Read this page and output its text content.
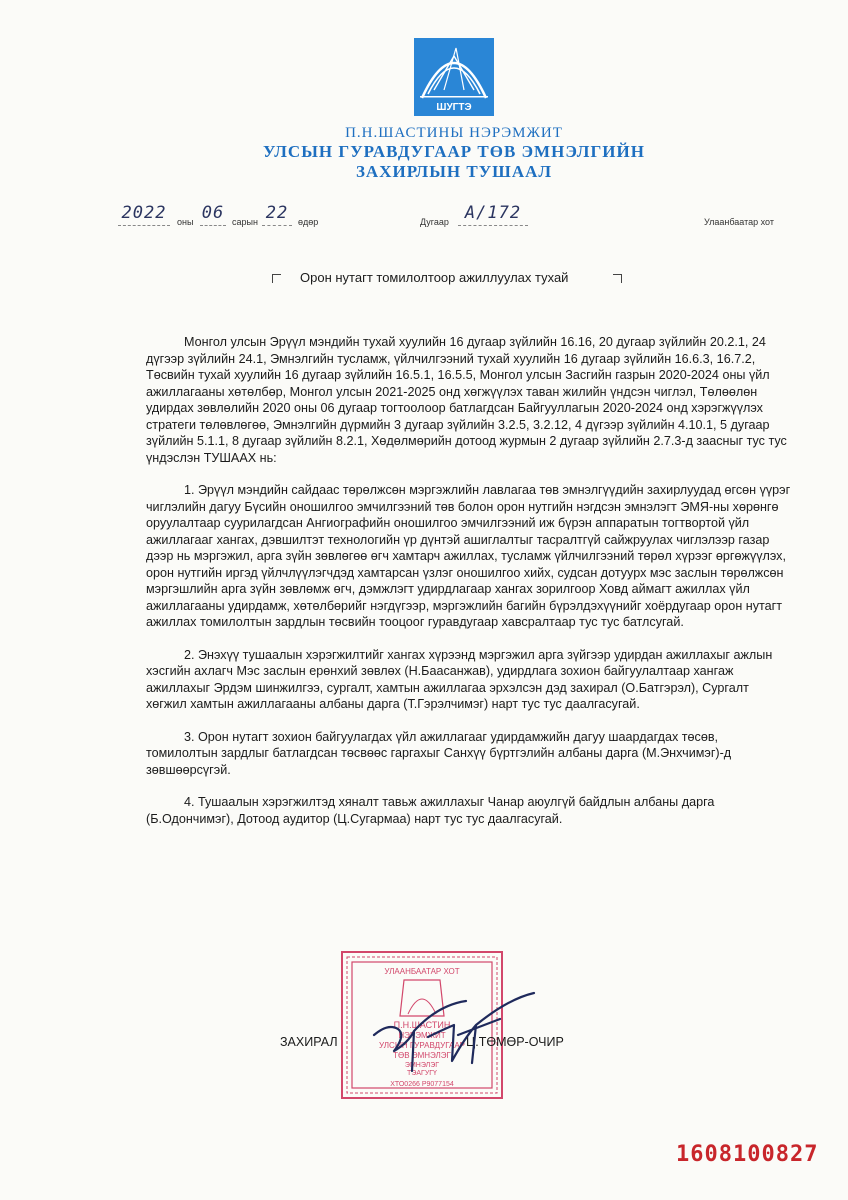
ШУГТЭ
П.Н.ШАСТИНЫ НЭРЭМЖИТ
УЛСЫН ГУРАВДУГААР ТӨВ ЭМНЭЛГИЙН
ЗАХИРЛЫН ТУШААЛ
2022	оны 06 сарын 22	өдөр	Дугаар А/172	Улаанбаатар хот
Орон нутагт томилолтоор ажиллуулах тухай

Монгол улсын Эрүүл мэндийн тухай хуулийн 16 дугаар зүйлийн 16.16, 20 дугаар зүйлийн 20.2.1, 24 дүгээр зүйлийн 24.1, Эмнэлгийн тусламж, үйлчилгээний тухай хуулийн 16 дугаар зүйлийн 16.6.3, 16.7.2, Төсвийн тухай хуулийн 16 дугаар зүйлийн 16.5.1, 16.5.5, Монгол улсын Засгийн газрын 2020-2024 оны үйл ажиллагааны хөтөлбөр, Монгол улсын 2021-2025 онд хөгжүүлэх таван жилийн үндсэн чиглэл, Төлөөлөн удирдах зөвлөлийн 2020 оны 06 дугаар тогтоолоор батлагдсан Байгууллагын 2020-2024 онд хэрэгжүүлэх стратеги төлөвлөгөө, Эмнэлгийн дүрмийн 3 дугаар зүйлийн 3.2.5, 3.2.12, 4 дүгээр зүйлийн 4.10.1, 5 дугаар зүйлийн 5.1.1, 8 дугаар зүйлийн 8.2.1, Хөдөлмөрийн дотоод журмын 2 дугаар зүйлийн 2.7.3-д заасныг тус тус үндэслэн ТУШААХ нь:

1. Эрүүл мэндийн сайдаас төрөлжсөн мэргэжлийн лавлагаа төв эмнэлгүүдийн захирлуудад өгсөн үүрэг чиглэлийн дагуу Бүсийн оношилгоо эмчилгээний төв болон орон нутгийн нэгдсэн эмнэлэгт ЭМЯ-ны хөрөнгө оруулалтаар суурилагдсан Ангиографийн оношилгоо эмчилгээний иж бүрэн аппаратын тогтвортой үйл ажиллагааг хангах, дэвшилтэт технологийн үр дүнтэй ашиглалтыг тасралтгүй сайжруулах чиглэлээр газар дээр нь мэргэжил, арга зүйн зөвлөгөө өгч хамтарч ажиллах, тусламж үйлчилгээний төрөл хүрээг өргөжүүлэх, орон нутгийн иргэд үйлчлүүлэгчдэд хамтарсан үзлэг оношилгоо хийх, судсан дотуурх мэс заслын төрөлжсөн мэргэшлийн арга зүйн зөвлөмж өгч, дэмжлэгт удирдлагаар хангах зорилгоор Ховд аймагт ажиллах үйл ажиллагааны удирдамж, хөтөлбөрийг нэгдүгээр, мэргэжлийн багийн бүрэлдэхүүнийг хоёрдугаар орон нутагт ажиллах томилолтын зардлын төсвийн тооцоог гуравдугаар хавсралтаар тус тус батлсугай.

2. Энэхүү тушаалын хэрэгжилтийг хангах хүрээнд мэргэжил арга зүйгээр удирдан ажиллахыг ажлын хэсгийн ахлагч Мэс заслын ерөнхий зөвлөх (Н.Баасанжав), удирдлага зохион байгуулалтаар хангаж ажиллахыг Эрдэм шинжилгээ, сургалт, хамтын ажиллагаа эрхэлсэн дэд захирал (О.Батгэрэл), Сургалт хөгжил хамтын ажиллагааны албаны дарга (Т.Гэрэлчимэг) нарт тус тус даалгасугай.

3. Орон нутагт зохион байгуулагдах үйл ажиллагааг удирдамжийн дагуу шаардагдах төсөв, томилолтын зардлыг батлагдсан төсвөөс гаргахыг Санхүү бүртгэлийн албаны дарга (М.Энхчимэг)-д зөвшөөрсүгэй.

4. Тушаалын хэрэгжилтэд хяналт тавьж ажиллахыг Чанар аюулгүй байдлын албаны дарга (Б.Одончимэг), Дотоод аудитор (Ц.Сугармаа) нарт тус тус даалгасугай.

УЛААНБААТАР ХОТ
П.Н.ШАСТИН
НЭРЭМЖИТ
УЛСЫН ГУРАВДУГААР
ТӨВ ЭМНЭЛЭГ
ЭМНЭЛЭГ
ТЭАГУГҮ
ХТО0266 Р9077154
ЗАХИРАЛ	Ц.ТӨМӨР-ОЧИР
1608100827
